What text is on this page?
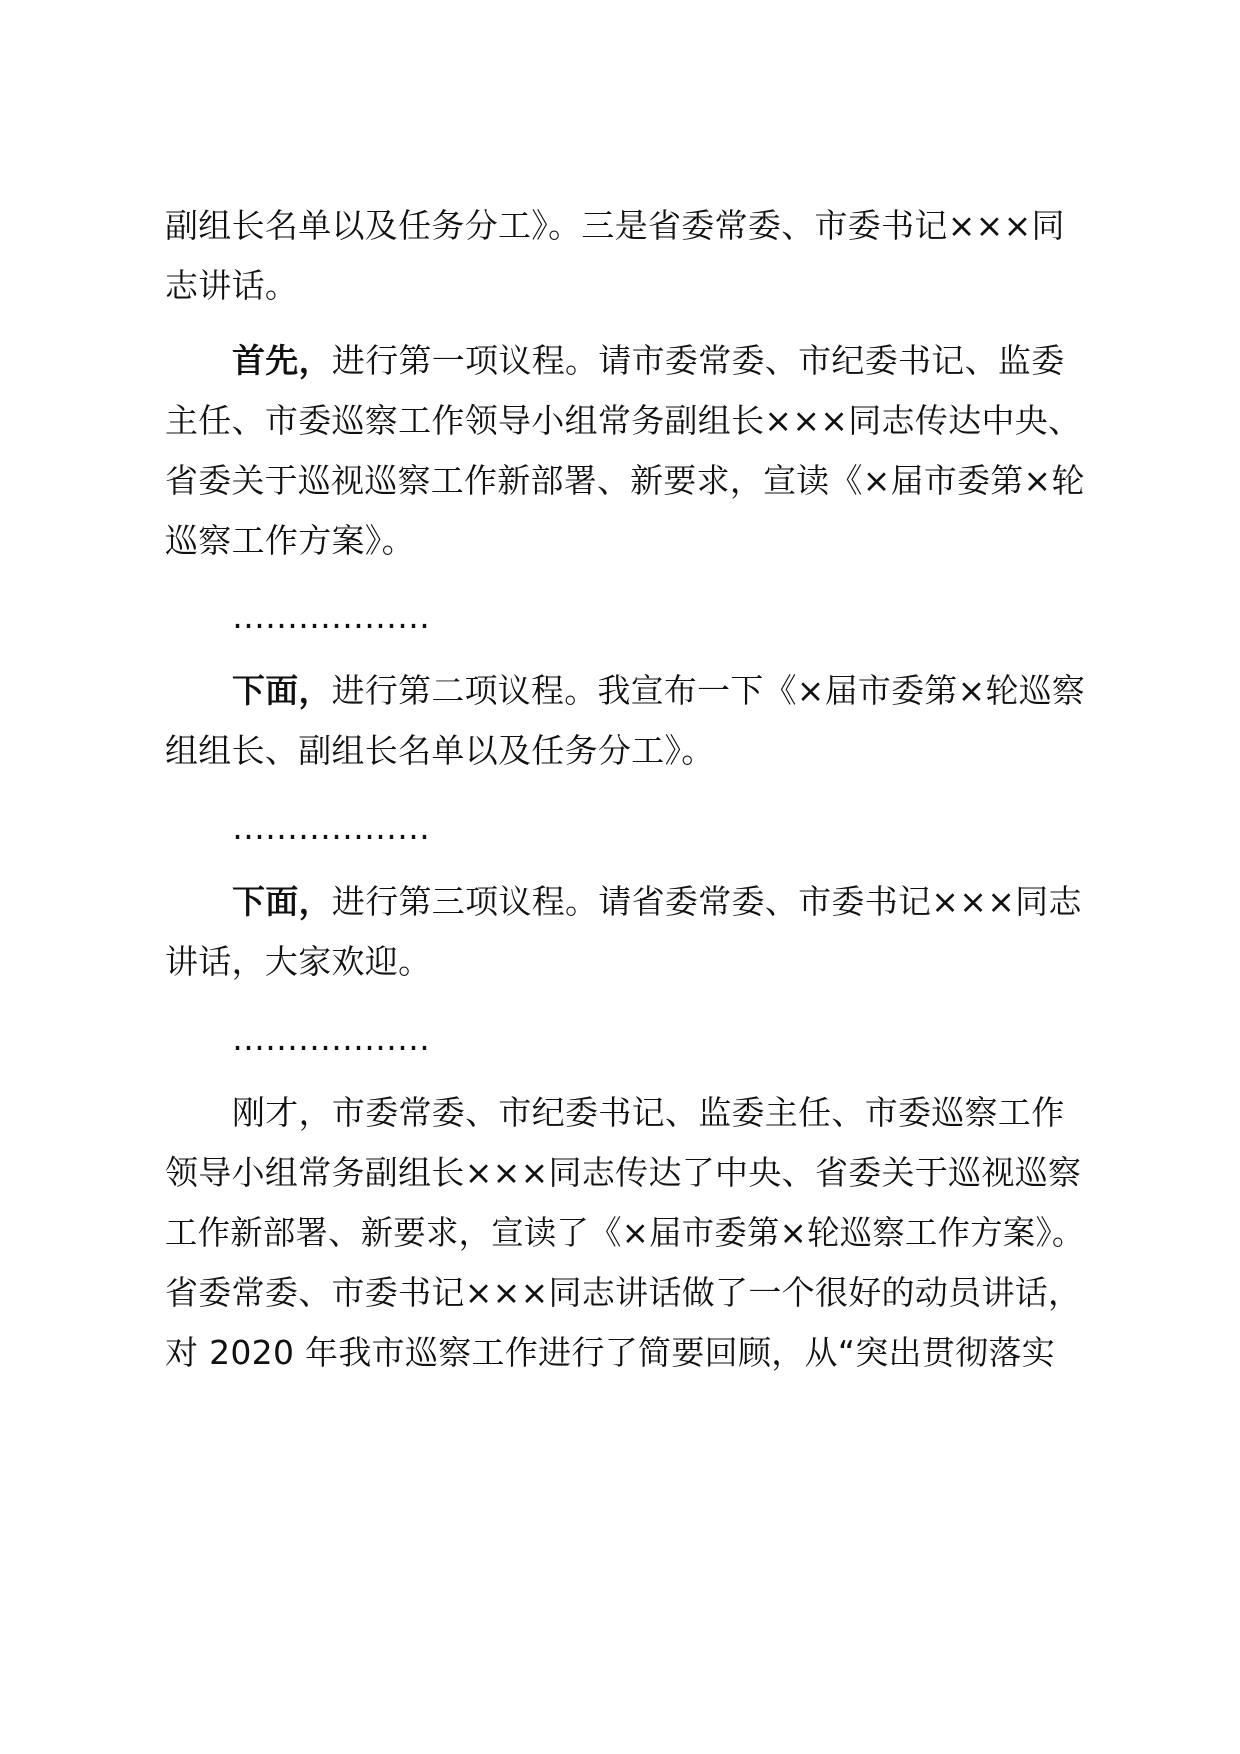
副组长名单以及任务分工》。三是省委常委、市委书记×××同
志讲话。
首先，进行第一项议程。请市委常委、市纪委书记、监委
主任、市委巡察工作领导小组常务副组长×××同志传达中央、
省委关于巡视巡察工作新部署、新要求，宣读《×届市委第×轮
巡察工作方案》。
………………
下面，进行第二项议程。我宣布一下《×届市委第×轮巡察
组组长、副组长名单以及任务分工》。
………………
下面，进行第三项议程。请省委常委、市委书记×××同志
讲话，大家欢迎。
………………
刚才，市委常委、市纪委书记、监委主任、市委巡察工作
领导小组常务副组长×××同志传达了中央、省委关于巡视巡察
工作新部署、新要求，宣读了《×届市委第×轮巡察工作方案》。
省委常委、市委书记×××同志讲话做了一个很好的动员讲话，
对 2020 年我市巡察工作进行了简要回顾，从“突出贯彻落实
